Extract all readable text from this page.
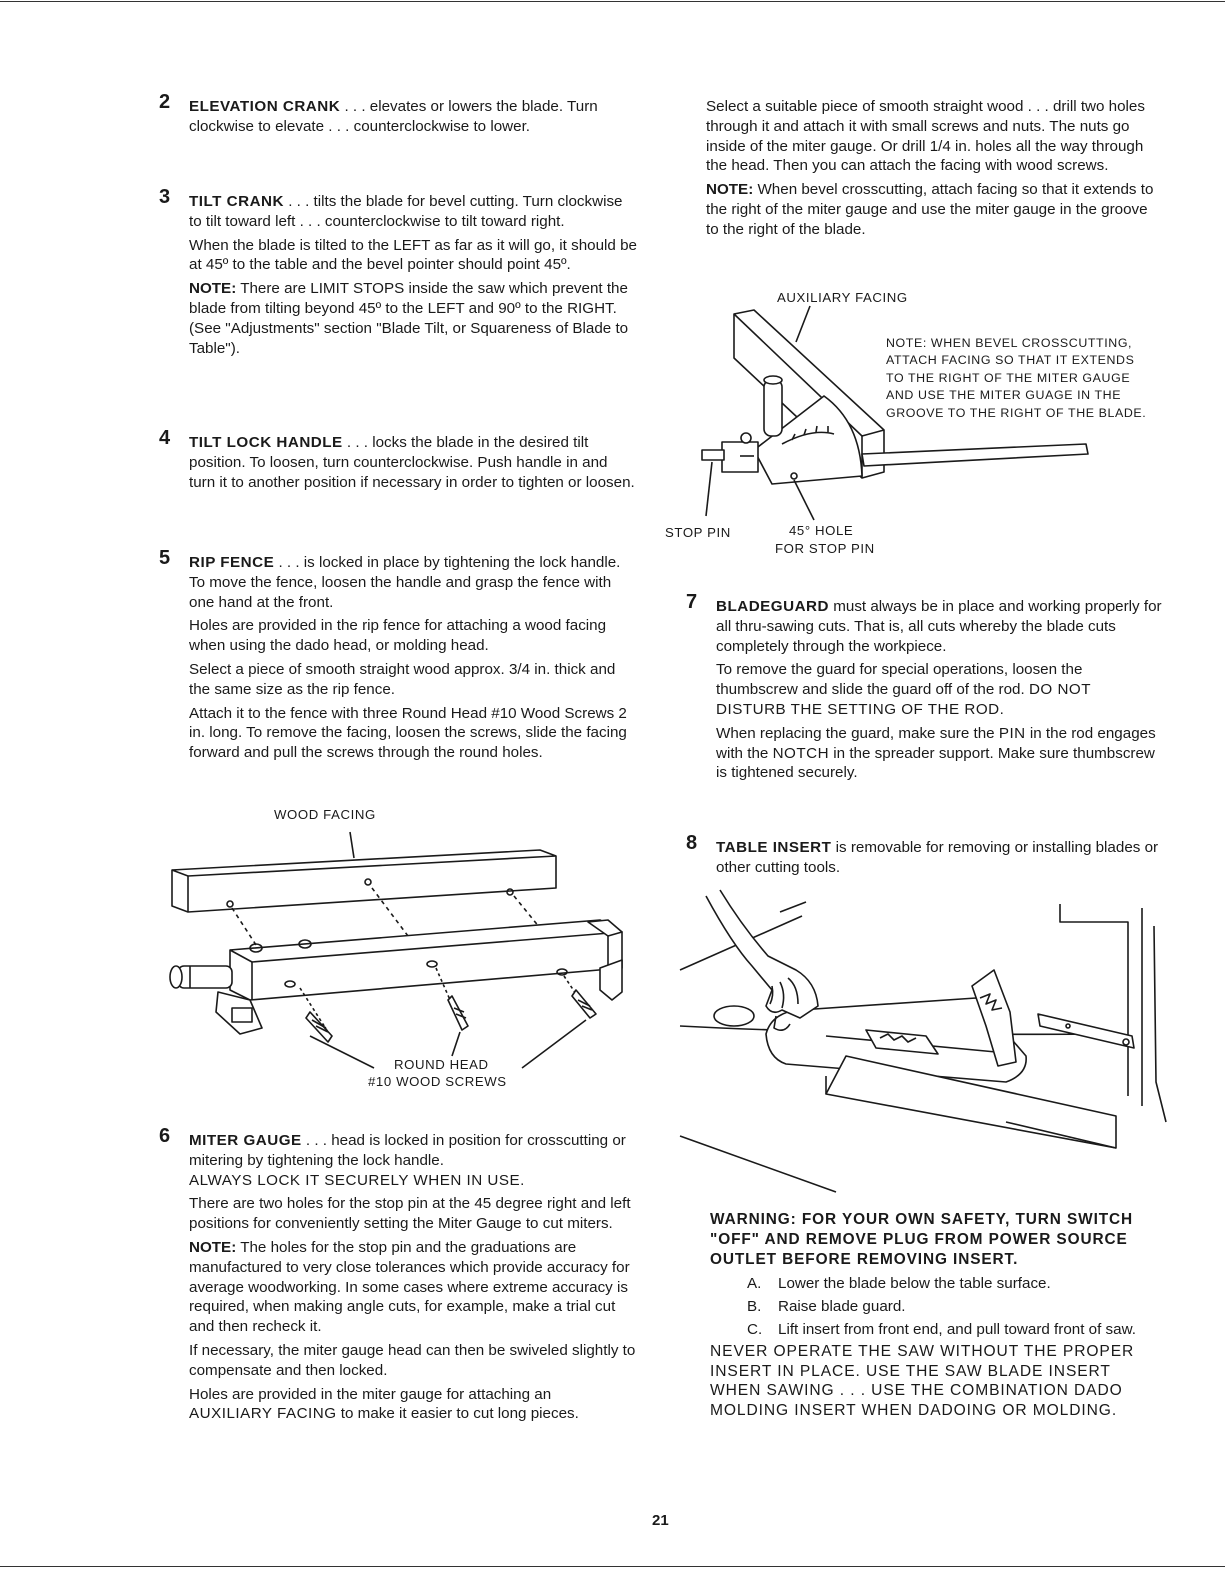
2 ELEVATION CRANK . . . elevates or lowers the blade. Turn clockwise to elevate . . . counterclockwise to lower.

3 TILT CRANK . . . tilts the blade for bevel cutting. Turn clockwise to tilt toward left . . . counterclockwise to tilt toward right.

When the blade is tilted to the LEFT as far as it will go, it should be at 45º to the table and the bevel pointer should point 45º.

NOTE: There are LIMIT STOPS inside the saw which prevent the blade from tilting beyond 45º to the LEFT and 90º to the RIGHT. (See "Adjustments" section "Blade Tilt, or Squareness of Blade to Table").

4 TILT LOCK HANDLE . . . locks the blade in the desired tilt position. To loosen, turn counterclockwise. Push handle in and turn it to another position if necessary in order to tighten or loosen.

5 RIP FENCE . . . is locked in place by tightening the lock handle. To move the fence, loosen the handle and grasp the fence with one hand at the front.

Holes are provided in the rip fence for attaching a wood facing when using the dado head, or molding head.

Select a piece of smooth straight wood approx. 3/4 in. thick and the same size as the rip fence.

Attach it to the fence with three Round Head #10 Wood Screws 2 in. long. To remove the facing, loosen the screws, slide the facing forward and pull the screws through the round holes.

WOOD FACING
ROUND HEAD
#10 WOOD SCREWS
6 MITER GAUGE . . . head is locked in position for crosscutting or mitering by tightening the lock handle.

ALWAYS LOCK IT SECURELY WHEN IN USE.

There are two holes for the stop pin at the 45 degree right and left positions for conveniently setting the Miter Gauge to cut miters.

NOTE: The holes for the stop pin and the graduations are manufactured to very close tolerances which provide accuracy for average woodworking. In some cases where extreme accuracy is required, when making angle cuts, for example, make a trial cut and then recheck it.

If necessary, the miter gauge head can then be swiveled slightly to compensate and then locked.

Holes are provided in the miter gauge for attaching an AUXILIARY FACING to make it easier to cut long pieces.

Select a suitable piece of smooth straight wood . . . drill two holes through it and attach it with small screws and nuts. The nuts go inside of the miter gauge. Or drill 1/4 in. holes all the way through the head. Then you can attach the facing with wood screws.

NOTE: When bevel crosscutting, attach facing so that it extends to the right of the miter gauge and use the miter gauge in the groove to the right of the blade.

AUXILIARY FACING
NOTE: WHEN BEVEL CROSSCUTTING,
ATTACH FACING SO THAT IT EXTENDS
TO THE RIGHT OF THE MITER GAUGE
AND USE THE MITER GUAGE IN THE
GROOVE TO THE RIGHT OF THE BLADE.
STOP PIN	45° HOLE
FOR STOP PIN
7 BLADEGUARD must always be in place and working properly for all thru-sawing cuts. That is, all cuts whereby the blade cuts completely through the workpiece.

To remove the guard for special operations, loosen the thumbscrew and slide the guard off of the rod. DO NOT DISTURB THE SETTING OF THE ROD.

When replacing the guard, make sure the PIN in the rod engages with the NOTCH in the spreader support. Make sure thumbscrew is tightened securely.

8 TABLE INSERT is removable for removing or installing blades or other cutting tools.

WARNING: FOR YOUR OWN SAFETY, TURN SWITCH "OFF" AND REMOVE PLUG FROM POWER SOURCE OUTLET BEFORE REMOVING INSERT.

A. Lower the blade below the table surface.
B. Raise blade guard.
C. Lift insert from front end, and pull toward front of saw.

NEVER OPERATE THE SAW WITHOUT THE PROPER INSERT IN PLACE. USE THE SAW BLADE INSERT WHEN SAWING . . . USE THE COMBINATION DADO MOLDING INSERT WHEN DADOING OR MOLDING.

21
